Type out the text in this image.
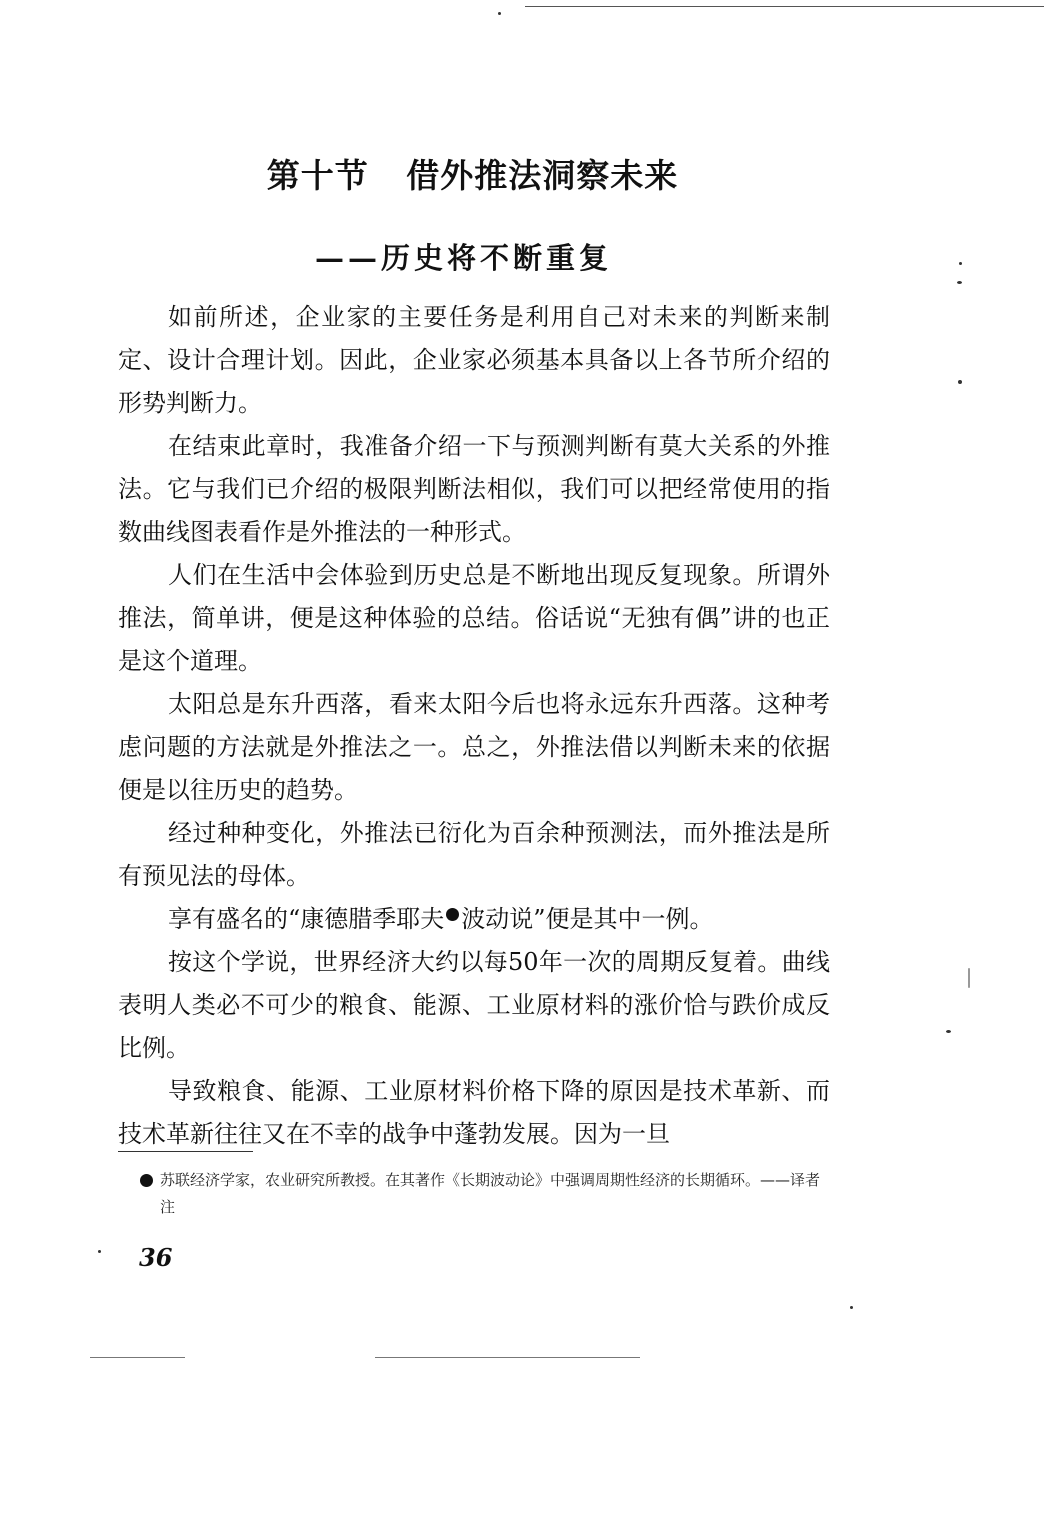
第十节   借外推法洞察未来
——历史将不断重复

如前所述，企业家的主要任务是利用自己对未来的判断来制定、设计合理计划。因此，企业家必须基本具备以上各节所介绍的形势判断力。

在结束此章时，我准备介绍一下与预测判断有莫大关系的外推法。它与我们已介绍的极限判断法相似，我们可以把经常使用的指数曲线图表看作是外推法的一种形式。

人们在生活中会体验到历史总是不断地出现反复现象。所谓外推法，简单讲，便是这种体验的总结。俗话说“无独有偶”讲的也正是这个道理。

太阳总是东升西落，看来太阳今后也将永远东升西落。这种考虑问题的方法就是外推法之一。总之，外推法借以判断未来的依据便是以往历史的趋势。

经过种种变化，外推法已衍化为百余种预测法，而外推法是所有预见法的母体。

享有盛名的“康德腊季耶夫 波动说”便是其中一例。

按这个学说，世界经济大约以每50年一次的周期反复着。曲线表明人类必不可少的粮食、能源、工业原材料的涨价恰与跌价成反比例。

导致粮食、能源、工业原材料价格下降的原因是技术革新、而技术革新往往又在不幸的战争中蓬勃发展。因为一旦

苏联经济学家，农业研究所教授。在其著作《长期波动论》中强调周期性经济的长期循环。——译者注

36
